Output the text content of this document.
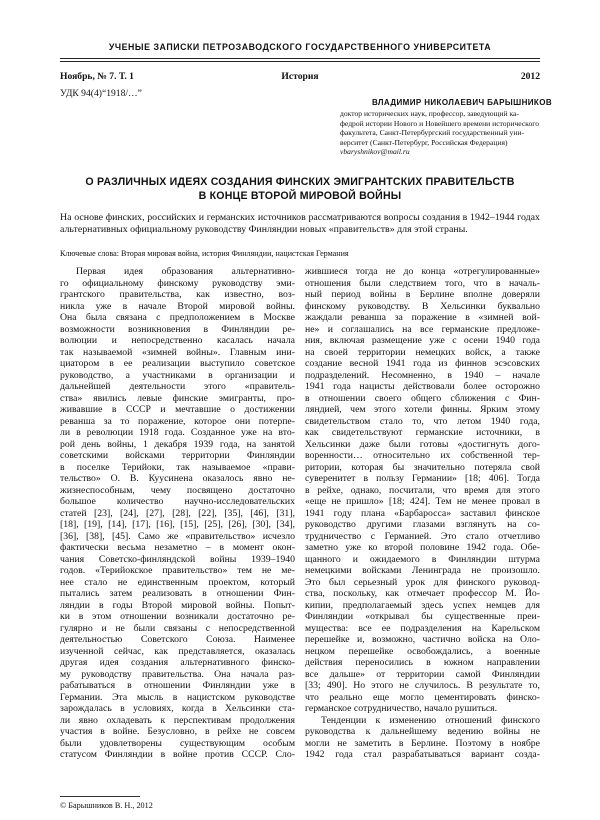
УЧЕНЫЕ ЗАПИСКИ ПЕТРОЗАВОДСКОГО ГОСУДАРСТВЕННОГО УНИВЕРСИТЕТА
Ноябрь, № 7. Т. 1	История	2012
УДК 94(4)“1918/…”
ВЛАДИМИР НИКОЛАЕВИЧ БАРЫШНИКОВ
доктор исторических наук, профессор, заведующий ка-
федрой истории Нового и Новейшего времени исторического
факультета, Санкт-Петербургский государственный уни-
верситет (Санкт-Петербург, Российская Федерация)
vbaryshnikov@mail.ru
О РАЗЛИЧНЫХ ИДЕЯХ СОЗДАНИЯ ФИНСКИХ ЭМИГРАНТСКИХ ПРАВИТЕЛЬСТВ
В КОНЦЕ ВТОРОЙ МИРОВОЙ ВОЙНЫ
На основе финских, российских и германских источников рассматриваются вопросы создания в 1942–1944 годах альтернативных официальному руководству Финляндии новых «правительств» для этой страны.
Ключевые слова: Вторая мировая война, история Финляндии, нацистская Германия
Первая идея образования альтернативно-
го официальному финскому руководству эми-
грантского правительства, как известно, воз-
никла уже в начале Второй мировой войны.
Она была связана с предположением в Москве
возможности возникновения в Финляндии ре-
волюции и непосредственно касалась начала
так называемой «зимней войны». Главным ини-
циатором в ее реализации выступило советское
руководство, а участниками в организации и
дальнейшей деятельности этого «правитель-
ства» явились левые финские эмигранты, про-
живавшие в СССР и мечтавшие о достижении
реванша за то поражение, которое они потерпе-
ли в революции 1918 года. Созданное уже на вто-
рой день войны, 1 декабря 1939 года, на занятой
советскими войсками территории Финляндии
в поселке Терийоки, так называемое «прави-
тельство» О. В. Куусинена оказалось явно не-
жизнеспособным, чему посвящено достаточно
большое количество научно-исследовательских
статей [23], [24], [27], [28], [22], [35], [46], [31],
[18], [19], [14], [17], [16], [15], [25], [26], [30], [34],
[36], [38], [45]. Само же «правительство» исчезло
фактически весьма незаметно – в момент окон-
чания Советско-финляндской войны 1939–1940
годов. «Терийокское правительство» тем не ме-
нее стало не единственным проектом, который
пытались затем реализовать в отношении Фин-
ляндии в годы Второй мировой войны. Попыт-
ки в этом отношении возникали достаточно ре-
гулярно и не были связаны с непосредственной
деятельностью Советского Союза. Наименее
изученной сейчас, как представляется, оказалась
другая идея создания альтернативного финско-
му руководству правительства. Она начала раз-
рабатываться в отношении Финляндии уже в
Германии. Эта мысль в нацистском руководстве
зарождалась в условиях, когда в Хельсинки ста-
ли явно охладевать к перспективам продолжения
участия в войне. Безусловно, в рейхе не совсем
были удовлетворены существующим особым
статусом Финляндии в войне против СССР. Сло-
жившиеся тогда не до конца «отрегулированные»
отношения были следствием того, что в началь-
ный период войны в Берлине вполне доверяли
финскому руководству. В Хельсинки буквально
жаждали реванша за поражение в «зимней вой-
не» и соглашались на все германские предложе-
ния, включая размещение уже с осени 1940 года
на своей территории немецких войск, а также
создание весной 1941 года из финнов эсэсовских
подразделений. Несомненно, в 1940 – начале
1941 года нацисты действовали более осторожно
в отношении своего общего сближения с Фин-
ляндией, чем этого хотели финны. Ярким этому
свидетельством стало то, что летом 1940 года,
как свидетельствуют германские источники, в
Хельсинки даже были готовы «достигнуть дого-
воренности… относительно их собственной тер-
ритории, которая бы значительно потеряла свой
суверенитет в пользу Германии» [18; 406]. Тогда
в рейхе, однако, посчитали, что время для этого
«еще не пришло» [18; 424]. Тем не менее провал в
1941 году плана «Барбаросса» заставил финское
руководство другими глазами взглянуть на со-
трудничество с Германией. Это стало отчетливо
заметно уже ко второй половине 1942 года. Обе-
щанного и ожидаемого в Финляндии штурма
немецкими войсками Ленинграда не произошло.
Это был серьезный урок для финского руковод-
ства, поскольку, как отмечает профессор М. Йо-
кипии, предполагаемый здесь успех немцев для
Финляндии «открывал бы существенные преи-
мущества: все ее подразделения на Карельском
перешейке и, возможно, частично войска на Оло-
нецком перешейке освобождались, а военные
действия переносились в южном направлении
все дальше» от территории самой Финляндии
[33; 490]. Но этого не случилось. В результате то,
что реально еще могло цементировать финско-
германское сотрудничество, начало рушиться.
Тенденции к изменению отношений финского
руководства к дальнейшему ведению войны не
могли не заметить в Берлине. Поэтому в ноябре
1942 года стал разрабатываться вариант созда-
© Барышников В. Н., 2012
